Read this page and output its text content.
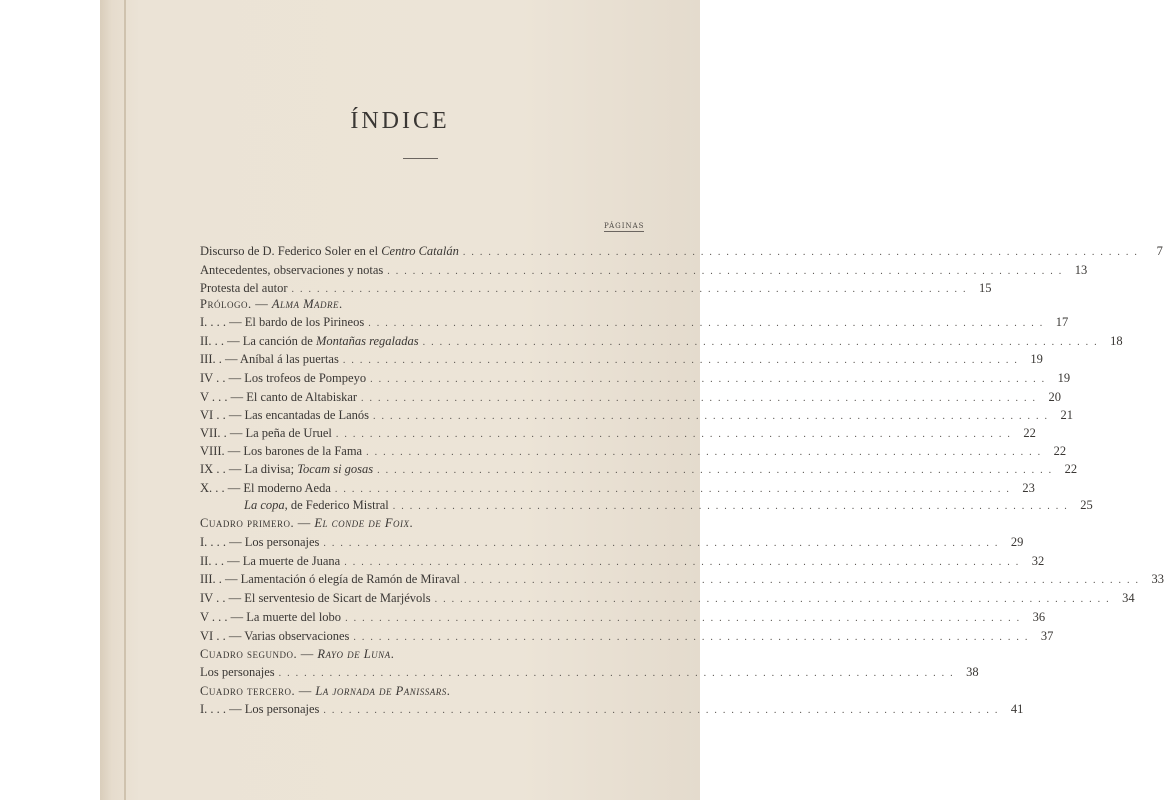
ÍNDICE
PÁGINAS
Discurso de D. Federico Soler en el Centro Catalán ................................................................................	7
Antecedentes, observaciones y notas ................................................................................ 13
Protesta del autor ................................................................................ 15
Prólogo. — Alma Madre.
I. . . . — El bardo de los Pirineos ................................................................................ 17
II. . . — La canción de Montañas regaladas ................................................................................ 18
III. . — Aníbal á las puertas ................................................................................ 19
IV . . — Los trofeos de Pompeyo ................................................................................ 19
V . . . — El canto de Altabiskar ................................................................................ 20
VI . . — Las encantadas de Lanós ................................................................................ 21
VII. . — La peña de Uruel ................................................................................ 22
VIII. — Los barones de la Fama ................................................................................ 22
IX . . — La divisa; Tocam si gosas ................................................................................ 22
X. . . — El moderno Aeda ................................................................................ 23
La copa, de Federico Mistral ................................................................................ 25
Cuadro primero. — El conde de Foix.
I. . . . — Los personajes ................................................................................ 29
II. . . — La muerte de Juana ................................................................................ 32
III. . — Lamentación ó elegía de Ramón de Miraval ................................................................................ 33
IV . . — El serventesio de Sicart de Marjévols ................................................................................ 34
V . . . — La muerte del lobo ................................................................................ 36
VI . . — Varias observaciones ................................................................................ 37
Cuadro segundo. — Rayo de Luna.
Los personajes ................................................................................ 38
Cuadro tercero. — La jornada de Panissars.
I. . . . — Los personajes ................................................................................ 41
